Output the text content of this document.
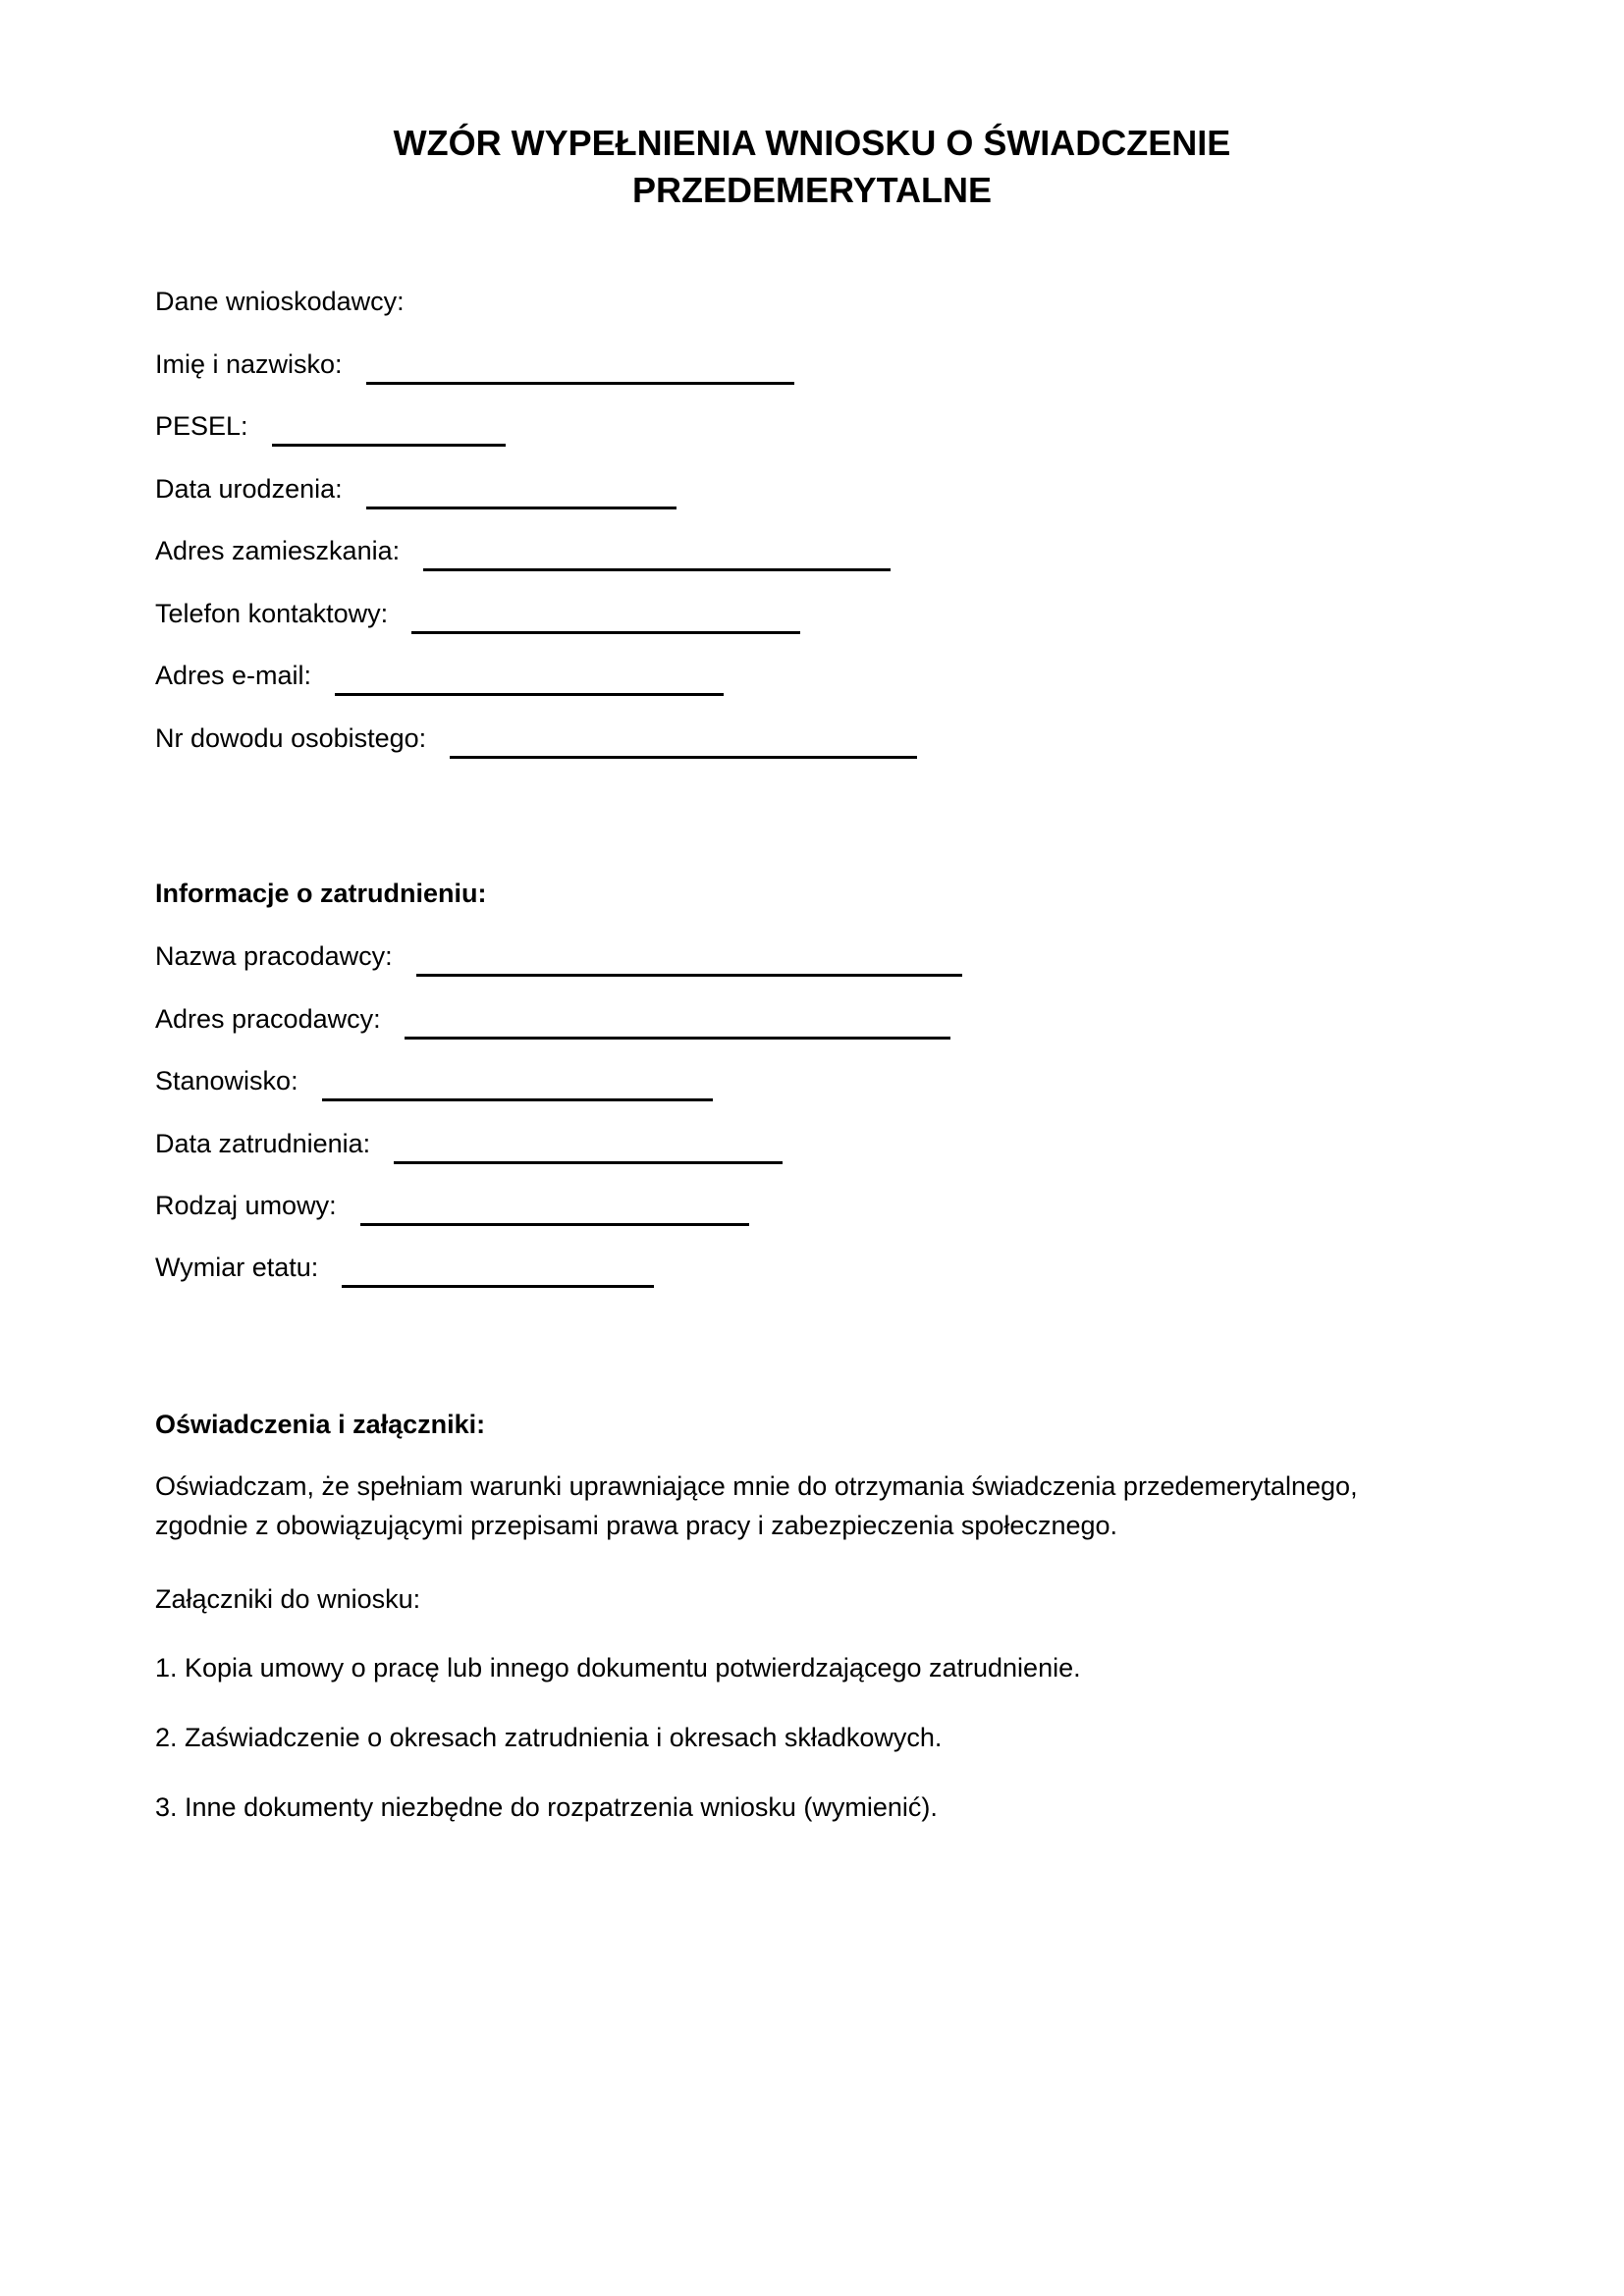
WZÓR WYPEŁNIENIA WNIOSKU O ŚWIADCZENIE
PRZEDEMERYTALNE
Dane wnioskodawcy:
Imię i nazwisko:
PESEL:
Data urodzenia:
Adres zamieszkania:
Telefon kontaktowy:
Adres e-mail:
Nr dowodu osobistego:
Informacje o zatrudnieniu:
Nazwa pracodawcy:
Adres pracodawcy:
Stanowisko:
Data zatrudnienia:
Rodzaj umowy:
Wymiar etatu:
Oświadczenia i załączniki:
Oświadczam, że spełniam warunki uprawniające mnie do otrzymania świadczenia przedemerytalnego,
zgodnie z obowiązującymi przepisami prawa pracy i zabezpieczenia społecznego.
Załączniki do wniosku:
1. Kopia umowy o pracę lub innego dokumentu potwierdzającego zatrudnienie.
2. Zaświadczenie o okresach zatrudnienia i okresach składkowych.
3. Inne dokumenty niezbędne do rozpatrzenia wniosku (wymienić).
